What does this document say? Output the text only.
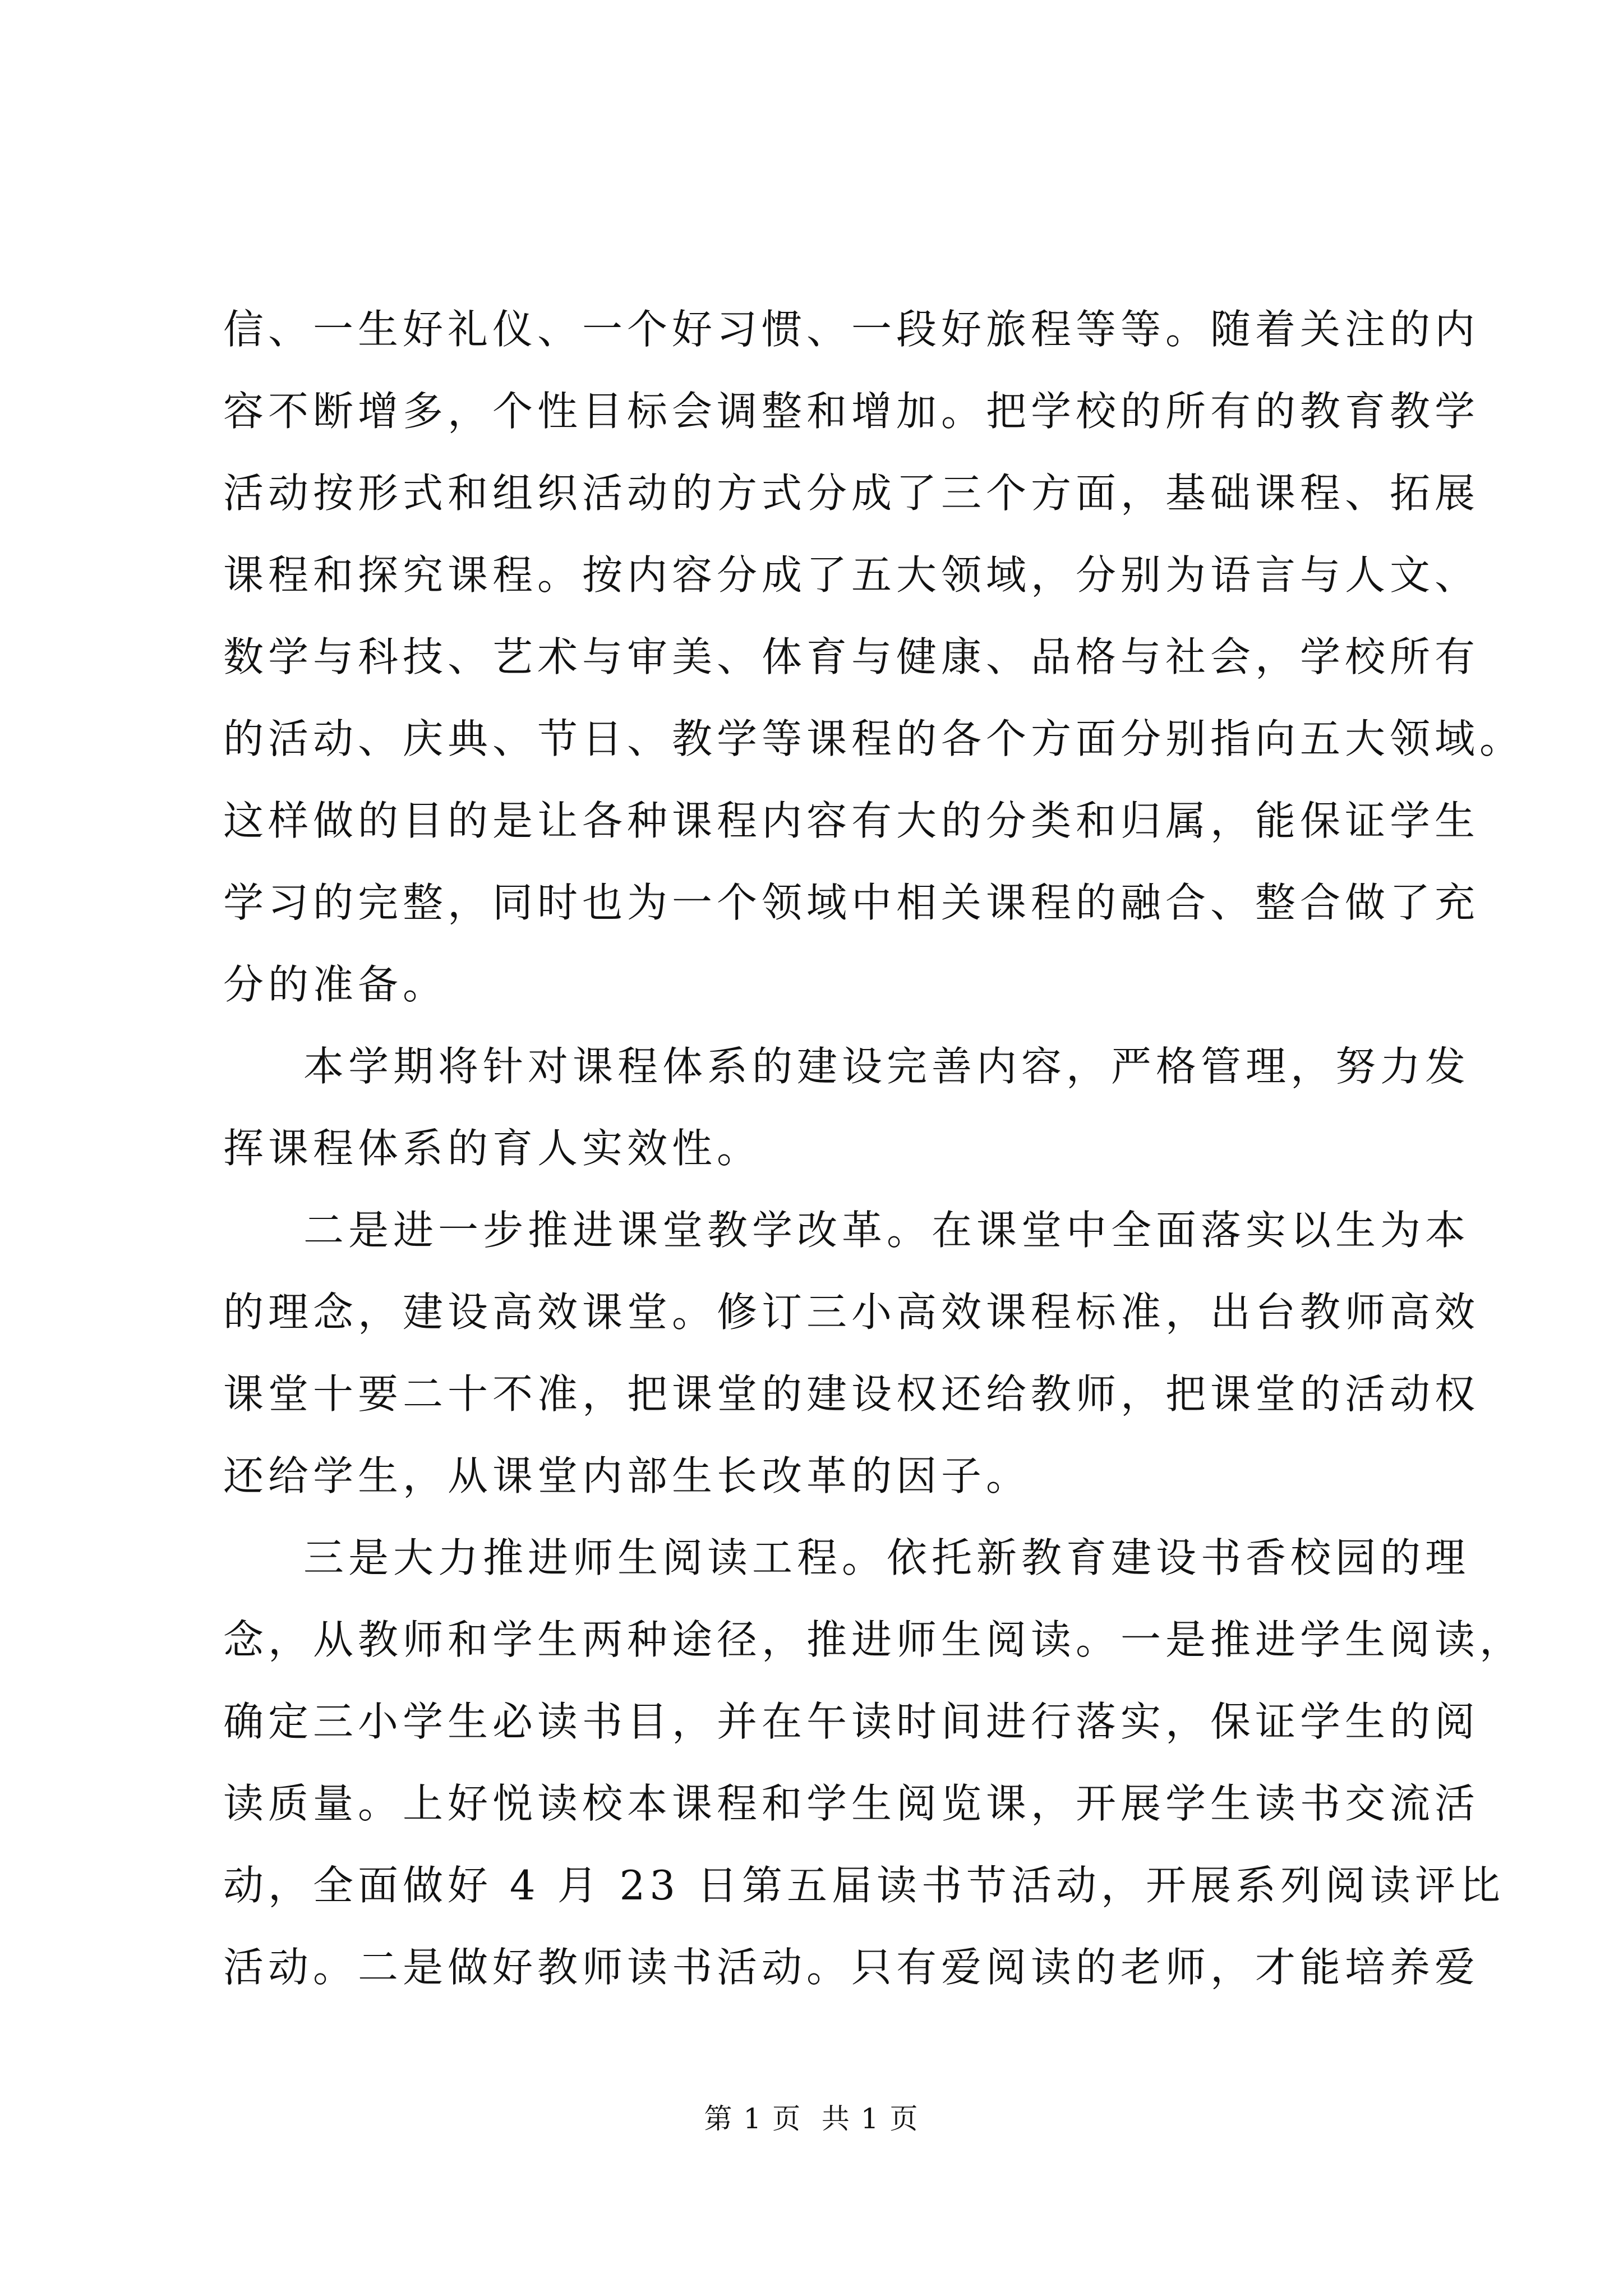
信、一生好礼仪、一个好习惯、一段好旅程等等。随着关注的内
容不断增多，个性目标会调整和增加。把学校的所有的教育教学
活动按形式和组织活动的方式分成了三个方面，基础课程、拓展
课程和探究课程。按内容分成了五大领域，分别为语言与人文、
数学与科技、艺术与审美、体育与健康、品格与社会，学校所有
的活动、庆典、节日、教学等课程的各个方面分别指向五大领域。
这样做的目的是让各种课程内容有大的分类和归属，能保证学生
学习的完整，同时也为一个领域中相关课程的融合、整合做了充
分的准备。
本学期将针对课程体系的建设完善内容，严格管理，努力发
挥课程体系的育人实效性。
二是进一步推进课堂教学改革。在课堂中全面落实以生为本
的理念，建设高效课堂。修订三小高效课程标准，出台教师高效
课堂十要二十不准，把课堂的建设权还给教师，把课堂的活动权
还给学生，从课堂内部生长改革的因子。
三是大力推进师生阅读工程。依托新教育建设书香校园的理
念，从教师和学生两种途径，推进师生阅读。一是推进学生阅读，
确定三小学生必读书目，并在午读时间进行落实，保证学生的阅
读质量。上好悦读校本课程和学生阅览课，开展学生读书交流活
动，全面做好 4 月 23 日第五届读书节活动，开展系列阅读评比
活动。二是做好教师读书活动。只有爱阅读的老师，才能培养爱
第 1 页  共 1 页
